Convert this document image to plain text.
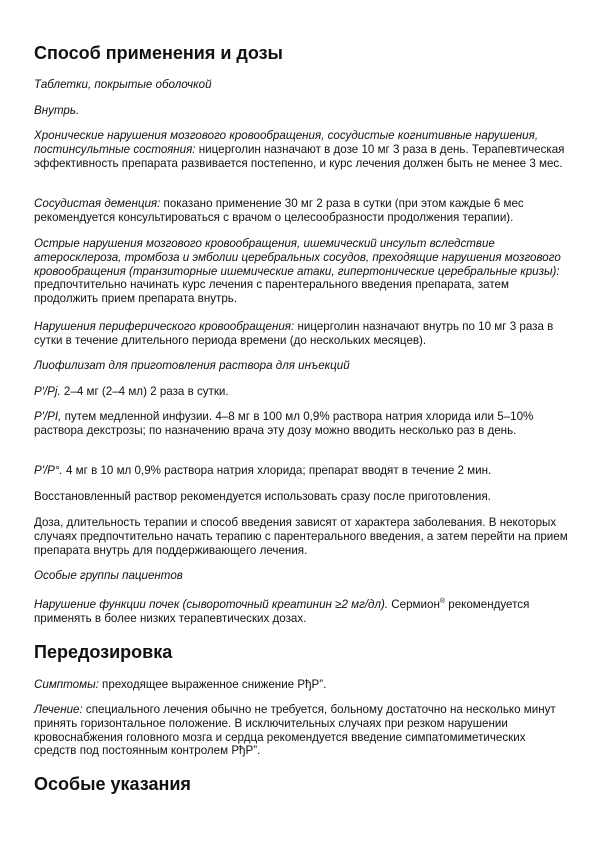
Способ применения и дозы

Таблетки, покрытые оболочкой

Внутрь.

Хронические нарушения мозгового кровообращения, сосудистые когнитивные нарушения, постинсультные состояния: ницерголин назначают в дозе 10 мг 3 раза в день. Терапевтическая эффективность препарата развивается постепенно, и курс лечения должен быть не менее 3 мес.

Сосудистая деменция: показано применение 30 мг 2 раза в сутки (при этом каждые 6 мес рекомендуется консультироваться с врачом о целесообразности продолжения терапии).

Острые нарушения мозгового кровообращения, ишемический инсульт вследствие атеросклероза, тромбоза и эмболии церебральных сосудов, преходящие нарушения мозгового кровообращения (транзиторные ишемические атаки, гипертонические церебральные кризы): предпочтительно начинать курс лечения с парентерального введения препарата, затем продолжить прием препарата внутрь.

Нарушения периферического кровообращения: ницерголин назначают внутрь по 10 мг 3 раза в сутки в течение длительного периода времени (до нескольких месяцев).

Лиофилизат для приготовления раствора для инъекций

Р'/Рј. 2–4 мг (2–4 мл) 2 раза в сутки.

Р'/РІ, путем медленной инфузии. 4–8 мг в 100 мл 0,9% раствора натрия хлорида или 5–10% раствора декстрозы; по назначению врача эту дозу можно вводить несколько раз в день.

Р'/Р°. 4 мг в 10 мл 0,9% раствора натрия хлорида; препарат вводят в течение 2 мин.

Восстановленный раствор рекомендуется использовать сразу после приготовления.

Доза, длительность терапии и способ введения зависят от характера заболевания. В некоторых случаях предпочтительно начать терапию с парентерального введения, а затем перейти на прием препарата внутрь для поддерживающего лечения.

Особые группы пациентов

Нарушение функции почек (сывороточный креатинин ≥2 мг/дл). Сермион® рекомендуется применять в более низких терапевтических дозах.

Передозировка

Симптомы: преходящее выраженное снижение РђР”.

Лечение: специального лечения обычно не требуется, больному достаточно на несколько минут принять горизонтальное положение. В исключительных случаях при резком нарушении кровоснабжения головного мозга и сердца рекомендуется введение симпатомиметических средств под постоянным контролем РђР”.

Особые указания
